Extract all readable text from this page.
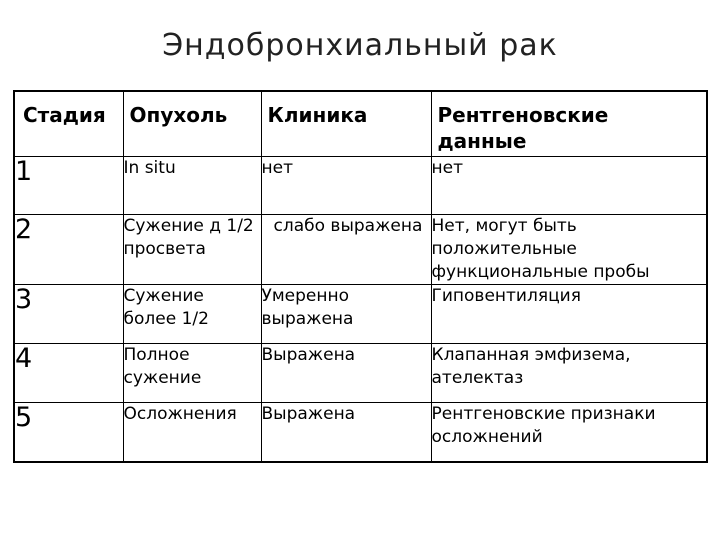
Эндобронхиальный рак
Стадия	Опухоль	Клиника	Рентгеновские данные
1	In situ	нет	нет
2	Сужение д 1/2 просвета	слабо выражена	Нет, могут быть положительные функциональные пробы
3	Сужение более 1/2	Умеренно выражена	Гиповентиляция
4	Полное сужение	Выражена	Клапанная эмфизема, ателектаз
5	Осложнения	Выражена	Рентгеновские признаки осложнений
